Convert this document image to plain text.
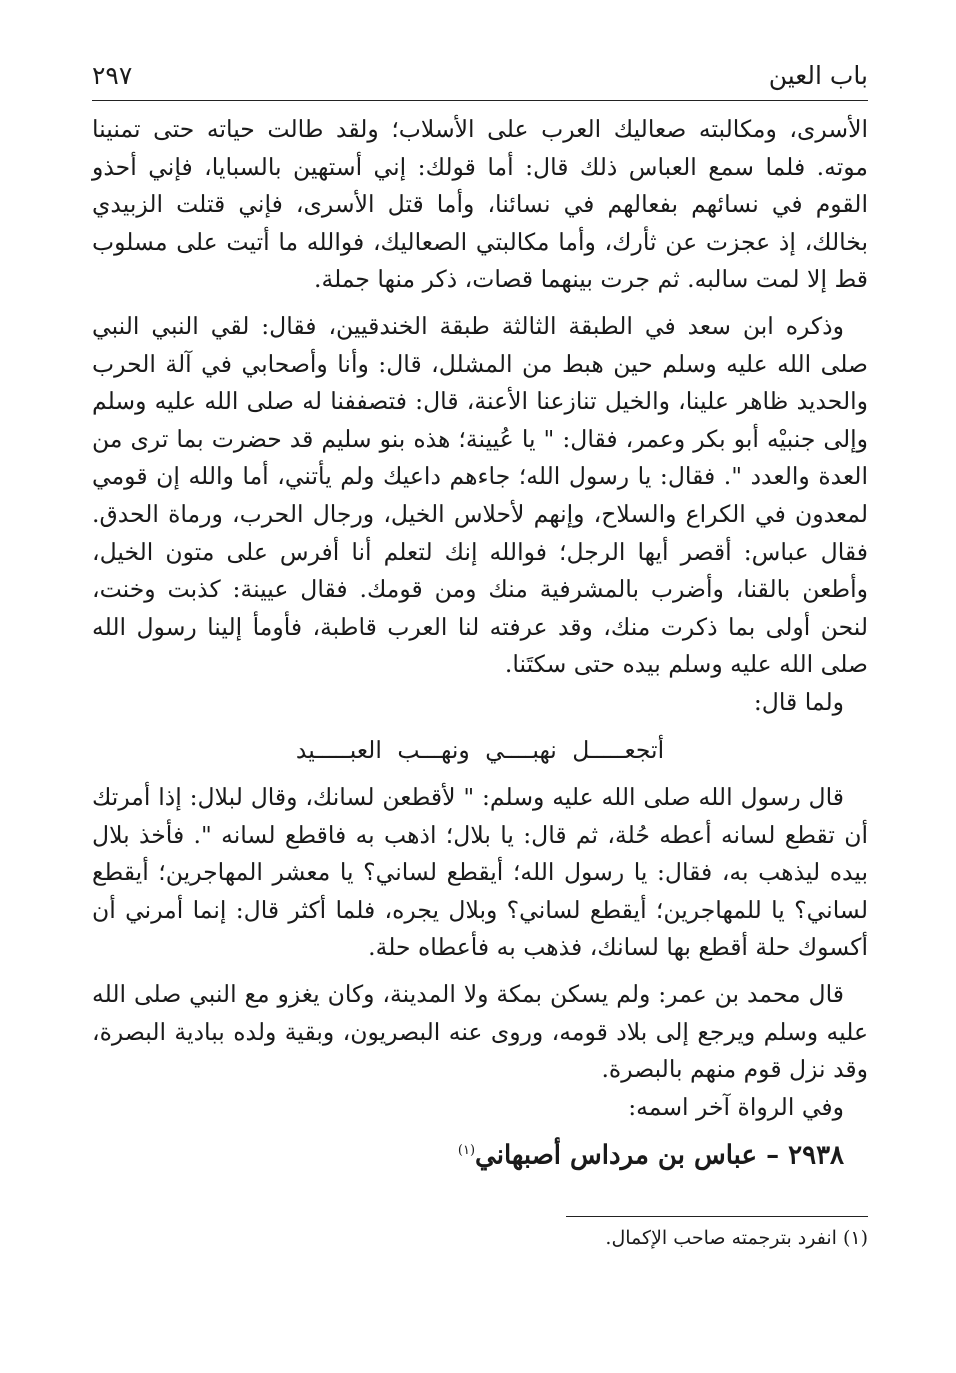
باب العين
٢٩٧

الأسرى، ومكالبته صعاليك العرب على الأسلاب؛ ولقد طالت حياته حتى تمنينا موته. فلما سمع العباس ذلك قال: أما قولك: إني أستهين بالسبايا، فإني أحذو القوم في نسائهم بفعالهم في نسائنا، وأما قتل الأسرى، فإني قتلت الزبيدي بخالك، إذ عجزت عن ثأرك، وأما مكالبتي الصعاليك، فوالله ما أتيت على مسلوب قط إلا لمت سالبه. ثم جرت بينهما قصات، ذكر منها جملة.

وذكره ابن سعد في الطبقة الثالثة طبقة الخندقيين، فقال: لقي النبي النبي صلى الله عليه وسلم حين هبط من المشلل، قال: وأنا وأصحابي في آلة الحرب والحديد ظاهر علينا، والخيل تنازعنا الأعنة، قال: فتصففنا له صلى الله عليه وسلم وإلى جنبيْه أبو بكر وعمر، فقال: " يا عُيينة؛ هذه بنو سليم قد حضرت بما ترى من العدة والعدد ". فقال: يا رسول الله؛ جاءهم داعيك ولم يأتني، أما والله إن قومي لمعدون في الكراع والسلاح، وإنهم لأحلاس الخيل، ورجال الحرب، ورماة الحدق. فقال عباس: أقصر أيها الرجل؛ فوالله إنك لتعلم أنا أفرس على متون الخيل، وأطعن بالقنا، وأضرب بالمشرفية منك ومن قومك. فقال عيينة: كذبت وخنت، لنحن أولى بما ذكرت منك، وقد عرفته لنا العرب قاطبة، فأومأ إلينا رسول الله صلى الله عليه وسلم بيده حتى سكتَنا.

ولما قال:

أتجعـــــل نهبــــي ونهـــب العبـــــيد

قال رسول الله صلى الله عليه وسلم: " لأقطعن لسانك، وقال لبلال: إذا أمرتك أن تقطع لسانه أعطه حُلة، ثم قال: يا بلال؛ اذهب به فاقطع لسانه ". فأخذ بلال بيده ليذهب به، فقال: يا رسول الله؛ أيقطع لساني؟ يا معشر المهاجرين؛ أيقطع لساني؟ يا للمهاجرين؛ أيقطع لساني؟ وبلال يجره، فلما أكثر قال: إنما أمرني أن أكسوك حلة أقطع بها لسانك، فذهب به فأعطاه حلة.

قال محمد بن عمر: ولم يسكن بمكة ولا المدينة، وكان يغزو مع النبي صلى الله عليه وسلم ويرجع إلى بلاد قومه، وروى عنه البصريون، وبقية ولده ببادية البصرة، وقد نزل قوم منهم بالبصرة.

وفي الرواة آخر اسمه:

٢٩٣٨ – عباس بن مرداس أصبهاني$^{(١)}$

(١) انفرد بترجمته صاحب الإكمال.
